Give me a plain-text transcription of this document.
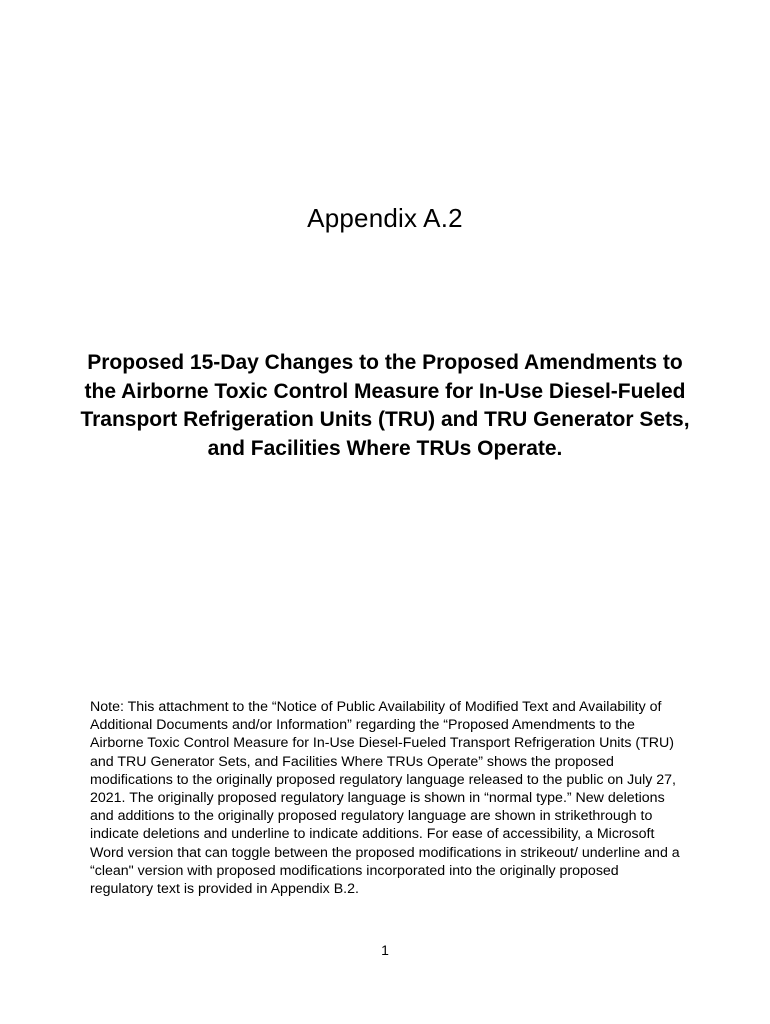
Appendix A.2
Proposed 15-Day Changes to the Proposed Amendments to the Airborne Toxic Control Measure for In-Use Diesel-Fueled Transport Refrigeration Units (TRU) and TRU Generator Sets, and Facilities Where TRUs Operate.

Note: This attachment to the “Notice of Public Availability of Modified Text and Availability of Additional Documents and/or Information” regarding the “Proposed Amendments to the Airborne Toxic Control Measure for In-Use Diesel-Fueled Transport Refrigeration Units (TRU) and TRU Generator Sets, and Facilities Where TRUs Operate” shows the proposed modifications to the originally proposed regulatory language released to the public on July 27, 2021. The originally proposed regulatory language is shown in “normal type.” New deletions and additions to the originally proposed regulatory language are shown in strikethrough to indicate deletions and underline to indicate additions. For ease of accessibility, a Microsoft Word version that can toggle between the proposed modifications in strikeout/ underline and a “clean" version with proposed modifications incorporated into the originally proposed regulatory text is provided in Appendix B.2.

1
